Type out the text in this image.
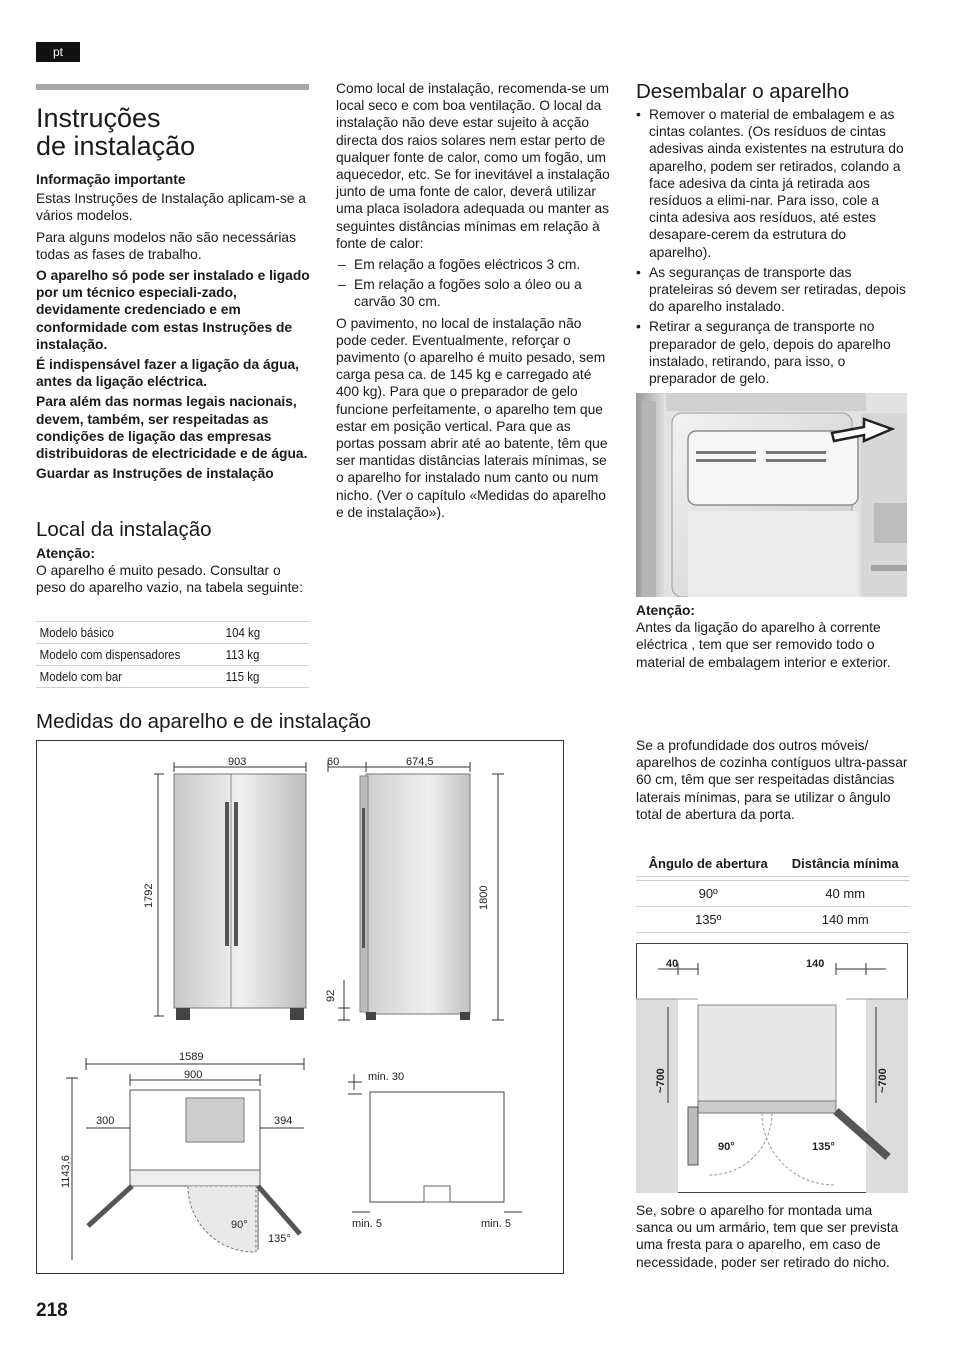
pt
Instruções
de instalação

Informação importante

Estas Instruções de Instalação aplicam-se a vários modelos.

Para alguns modelos não são necessárias todas as fases de trabalho.

O aparelho só pode ser instalado e ligado por um técnico especiali-zado, devidamente credenciado e em conformidade com estas Instruções de instalação.

É indispensável fazer a ligação da água, antes da ligação eléctrica.

Para além das normas legais nacionais, devem, também, ser respeitadas as condições de ligação das empresas distribuidoras de electricidade e de água.

Guardar as Instruções de instalação

Local da instalação

Atenção:

O aparelho é muito pesado. Consultar o peso do aparelho vazio, na tabela seguinte:

Modelo básico	104 kg
Modelo com dispensadores	113 kg
Modelo com bar	115 kg

Como local de instalação, recomenda-se um local seco e com boa ventilação. O local da instalação não deve estar sujeito à acção directa dos raios solares nem estar perto de qualquer fonte de calor, como um fogão, um aquecedor, etc. Se for inevitável a instalação junto de uma fonte de calor, deverá utilizar uma placa isoladora adequada ou manter as seguintes distâncias mínimas em relação à fonte de calor:

– Em relação a fogões eléctricos 3 cm.
– Em relação a fogões solo a óleo ou a carvão 30 cm.

O pavimento, no local de instalação não pode ceder. Eventualmente, reforçar o pavimento (o aparelho é muito pesado, sem carga pesa ca. de 145 kg e carregado até 400 kg). Para que o preparador de gelo funcione perfeitamente, o aparelho tem que estar em posição vertical. Para que as portas possam abrir até ao batente, têm que ser mantidas distâncias laterais mínimas, se o aparelho for instalado num canto ou num nicho. (Ver o capítulo «Medidas do aparelho e de instalação»).

Desembalar o aparelho
• Remover o material de embalagem e as cintas colantes. (Os resíduos de cintas adesivas ainda existentes na estrutura do aparelho, podem ser retirados, colando a face adesiva da cinta já retirada aos resíduos a elimi-nar. Para isso, cole a cinta adesiva aos resíduos, até estes desapare-cerem da estrutura do aparelho).
• As seguranças de transporte das prateleiras só devem ser retiradas, depois do aparelho instalado.
• Retirar a segurança de transporte no preparador de gelo, depois do aparelho instalado, retirando, para isso, o preparador de gelo.

Atenção:

Antes da ligação do aparelho à corrente eléctrica , tem que ser removido todo o material de embalagem interior e exterior.

Medidas do aparelho e de instalação
903
1792
60	674,5
1800
92
1589
900
300	394
1143,6
90°
135°
min. 30
min. 5	min. 5

Se a profundidade dos outros móveis/ aparelhos de cozinha contíguos ultra-passar 60 cm, têm que ser respeitadas distâncias laterais mínimas, para se utilizar o ângulo total de abertura da porta.

Ângulo de abertura	Distância mínima

90º	40 mm
135º	140 mm
40	140
~700	~700
90°	135°

Se, sobre o aparelho for montada uma sanca ou um armário, tem que ser prevista uma fresta para o aparelho, em caso de necessidade, poder ser retirado do nicho.

218
